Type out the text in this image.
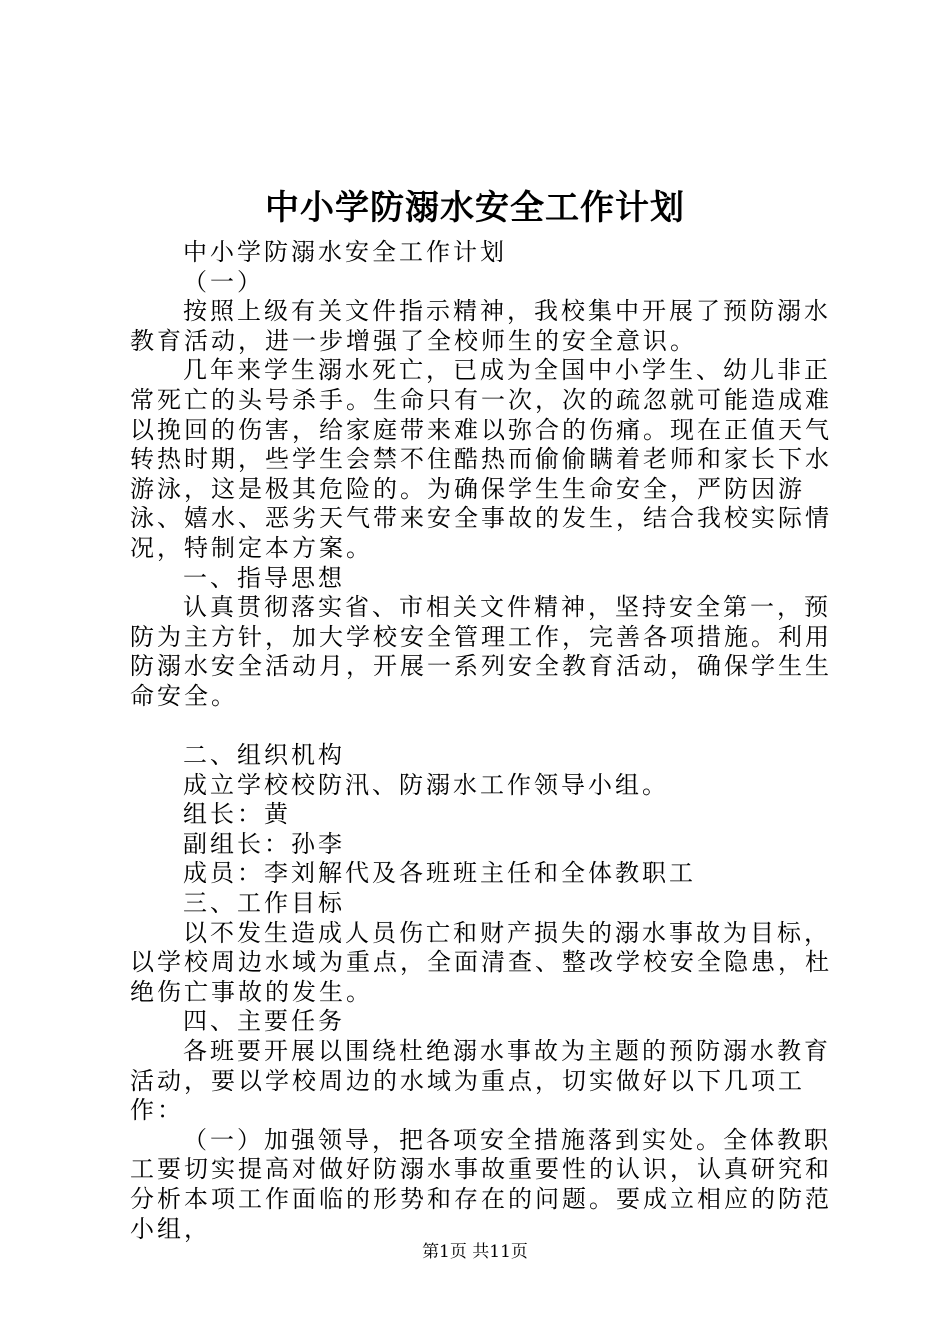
中小学防溺水安全工作计划

中小学防溺水安全工作计划

（一）

按照上级有关文件指示精神，我校集中开展了预防溺水教育活动，进一步增强了全校师生的安全意识。

几年来学生溺水死亡，已成为全国中小学生、幼儿非正常死亡的头号杀手。生命只有一次，次的疏忽就可能造成难以挽回的伤害，给家庭带来难以弥合的伤痛。现在正值天气转热时期，些学生会禁不住酷热而偷偷瞒着老师和家长下水游泳，这是极其危险的。为确保学生生命安全，严防因游泳、嬉水、恶劣天气带来安全事故的发生，结合我校实际情况，特制定本方案。

一、指导思想

认真贯彻落实省、市相关文件精神，坚持安全第一，预防为主方针，加大学校安全管理工作，完善各项措施。利用防溺水安全活动月，开展一系列安全教育活动，确保学生生命安全。

二、组织机构

成立学校校防汛、防溺水工作领导小组。

组长：黄

副组长：孙李

成员：李刘解代及各班班主任和全体教职工

三、工作目标

以不发生造成人员伤亡和财产损失的溺水事故为目标，以学校周边水域为重点，全面清查、整改学校安全隐患，杜绝伤亡事故的发生。

四、主要任务

各班要开展以围绕杜绝溺水事故为主题的预防溺水教育活动，要以学校周边的水域为重点，切实做好以下几项工作：

（一）加强领导，把各项安全措施落到实处。全体教职工要切实提高对做好防溺水事故重要性的认识，认真研究和分析本项工作面临的形势和存在的问题。要成立相应的防范小组，

第1页 共11页
